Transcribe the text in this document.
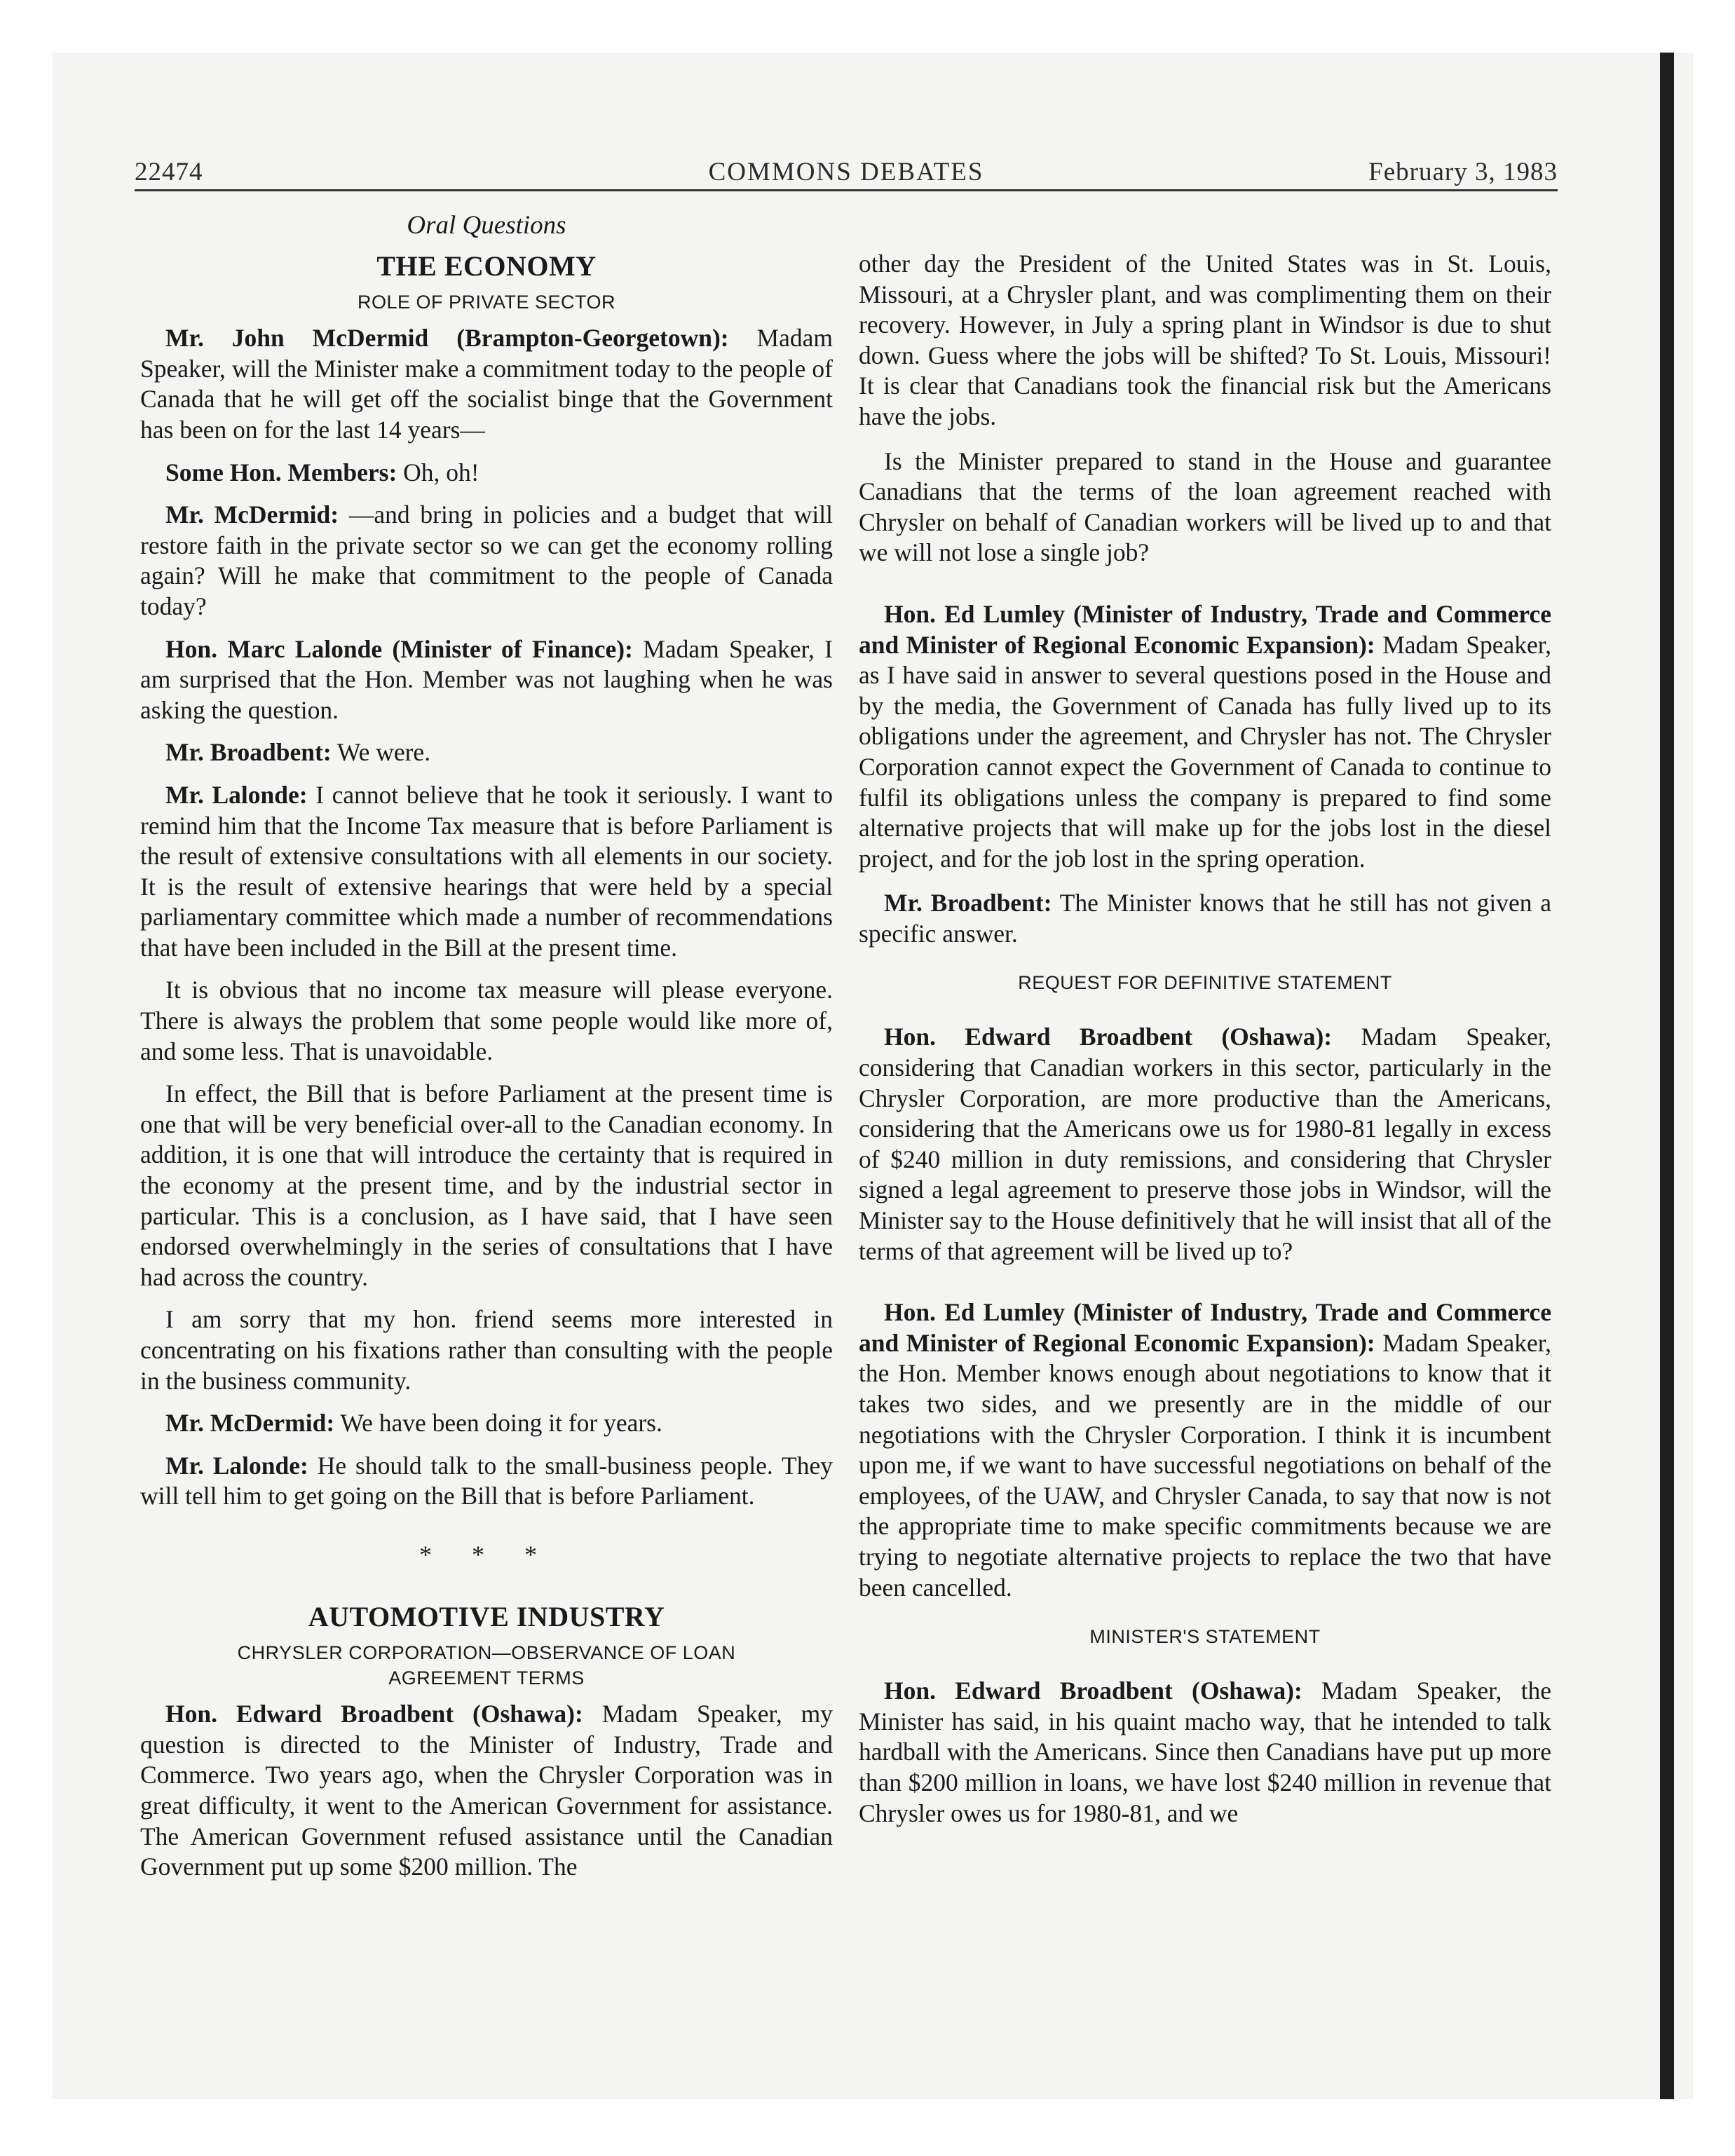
22474	COMMONS DEBATES	February 3, 1983
Oral Questions
THE ECONOMY
ROLE OF PRIVATE SECTOR

Mr. John McDermid (Brampton-Georgetown): Madam Speaker, will the Minister make a commitment today to the people of Canada that he will get off the socialist binge that the Government has been on for the last 14 years—

Some Hon. Members: Oh, oh!

Mr. McDermid: —and bring in policies and a budget that will restore faith in the private sector so we can get the economy rolling again? Will he make that commitment to the people of Canada today?

Hon. Marc Lalonde (Minister of Finance): Madam Speaker, I am surprised that the Hon. Member was not laughing when he was asking the question.

Mr. Broadbent: We were.

Mr. Lalonde: I cannot believe that he took it seriously. I want to remind him that the Income Tax measure that is before Parliament is the result of extensive consultations with all elements in our society. It is the result of extensive hearings that were held by a special parliamentary committee which made a number of recommendations that have been included in the Bill at the present time.

It is obvious that no income tax measure will please everyone. There is always the problem that some people would like more of, and some less. That is unavoidable.

In effect, the Bill that is before Parliament at the present time is one that will be very beneficial over-all to the Canadian economy. In addition, it is one that will introduce the certainty that is required in the economy at the present time, and by the industrial sector in particular. This is a conclusion, as I have said, that I have seen endorsed overwhelmingly in the series of consultations that I have had across the country.

I am sorry that my hon. friend seems more interested in concentrating on his fixations rather than consulting with the people in the business community.

Mr. McDermid: We have been doing it for years.

Mr. Lalonde: He should talk to the small-business people. They will tell him to get going on the Bill that is before Parliament.

* * *
AUTOMOTIVE INDUSTRY
CHRYSLER CORPORATION—OBSERVANCE OF LOAN
AGREEMENT TERMS

Hon. Edward Broadbent (Oshawa): Madam Speaker, my question is directed to the Minister of Industry, Trade and Commerce. Two years ago, when the Chrysler Corporation was in great difficulty, it went to the American Government for assistance. The American Government refused assistance until the Canadian Government put up some $200 million. The

other day the President of the United States was in St. Louis, Missouri, at a Chrysler plant, and was complimenting them on their recovery. However, in July a spring plant in Windsor is due to shut down. Guess where the jobs will be shifted? To St. Louis, Missouri! It is clear that Canadians took the financial risk but the Americans have the jobs.

Is the Minister prepared to stand in the House and guarantee Canadians that the terms of the loan agreement reached with Chrysler on behalf of Canadian workers will be lived up to and that we will not lose a single job?

Hon. Ed Lumley (Minister of Industry, Trade and Commerce and Minister of Regional Economic Expansion): Madam Speaker, as I have said in answer to several questions posed in the House and by the media, the Government of Canada has fully lived up to its obligations under the agreement, and Chrysler has not. The Chrysler Corporation cannot expect the Government of Canada to continue to fulfil its obligations unless the company is prepared to find some alternative projects that will make up for the jobs lost in the diesel project, and for the job lost in the spring operation.

Mr. Broadbent: The Minister knows that he still has not given a specific answer.

REQUEST FOR DEFINITIVE STATEMENT

Hon. Edward Broadbent (Oshawa): Madam Speaker, considering that Canadian workers in this sector, particularly in the Chrysler Corporation, are more productive than the Americans, considering that the Americans owe us for 1980-81 legally in excess of $240 million in duty remissions, and considering that Chrysler signed a legal agreement to preserve those jobs in Windsor, will the Minister say to the House definitively that he will insist that all of the terms of that agreement will be lived up to?

Hon. Ed Lumley (Minister of Industry, Trade and Commerce and Minister of Regional Economic Expansion): Madam Speaker, the Hon. Member knows enough about negotiations to know that it takes two sides, and we presently are in the middle of our negotiations with the Chrysler Corporation. I think it is incumbent upon me, if we want to have successful negotiations on behalf of the employees, of the UAW, and Chrysler Canada, to say that now is not the appropriate time to make specific commitments because we are trying to negotiate alternative projects to replace the two that have been cancelled.

MINISTER'S STATEMENT

Hon. Edward Broadbent (Oshawa): Madam Speaker, the Minister has said, in his quaint macho way, that he intended to talk hardball with the Americans. Since then Canadians have put up more than $200 million in loans, we have lost $240 million in revenue that Chrysler owes us for 1980-81, and we
